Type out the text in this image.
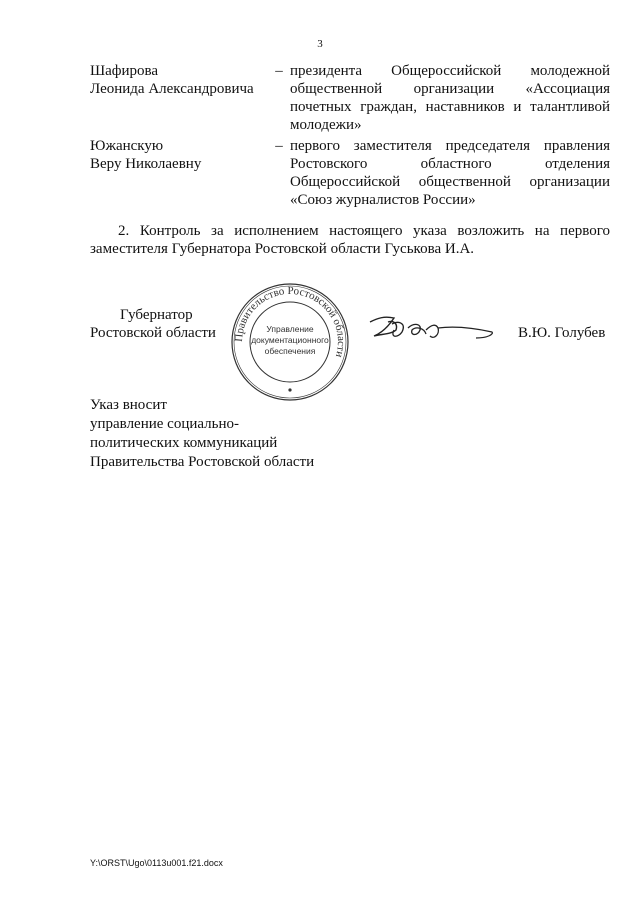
3
Шафирова
Леонида Александровича
– президента Общероссийской молодежной
общественной организации «Ассоциация
почетных граждан, наставников и талантливой
молодежи»
Южанскую
Веру Николаевну
– первого заместителя председателя правления
Ростовского областного отделения
Общероссийской общественной организации
«Союз журналистов России»
2. Контроль за исполнением настоящего указа возложить на первого
заместителя Губернатора Ростовской области Гуськова И.А.
Губернатор
Ростовской области Правительство Ростовской области
Управление
документационного
обеспечения
В.Ю. Голубев
Указ вносит
управление социально-
политических коммуникаций
Правительства Ростовской области
Y:\ORST\Ugo\0113u001.f21.docx
